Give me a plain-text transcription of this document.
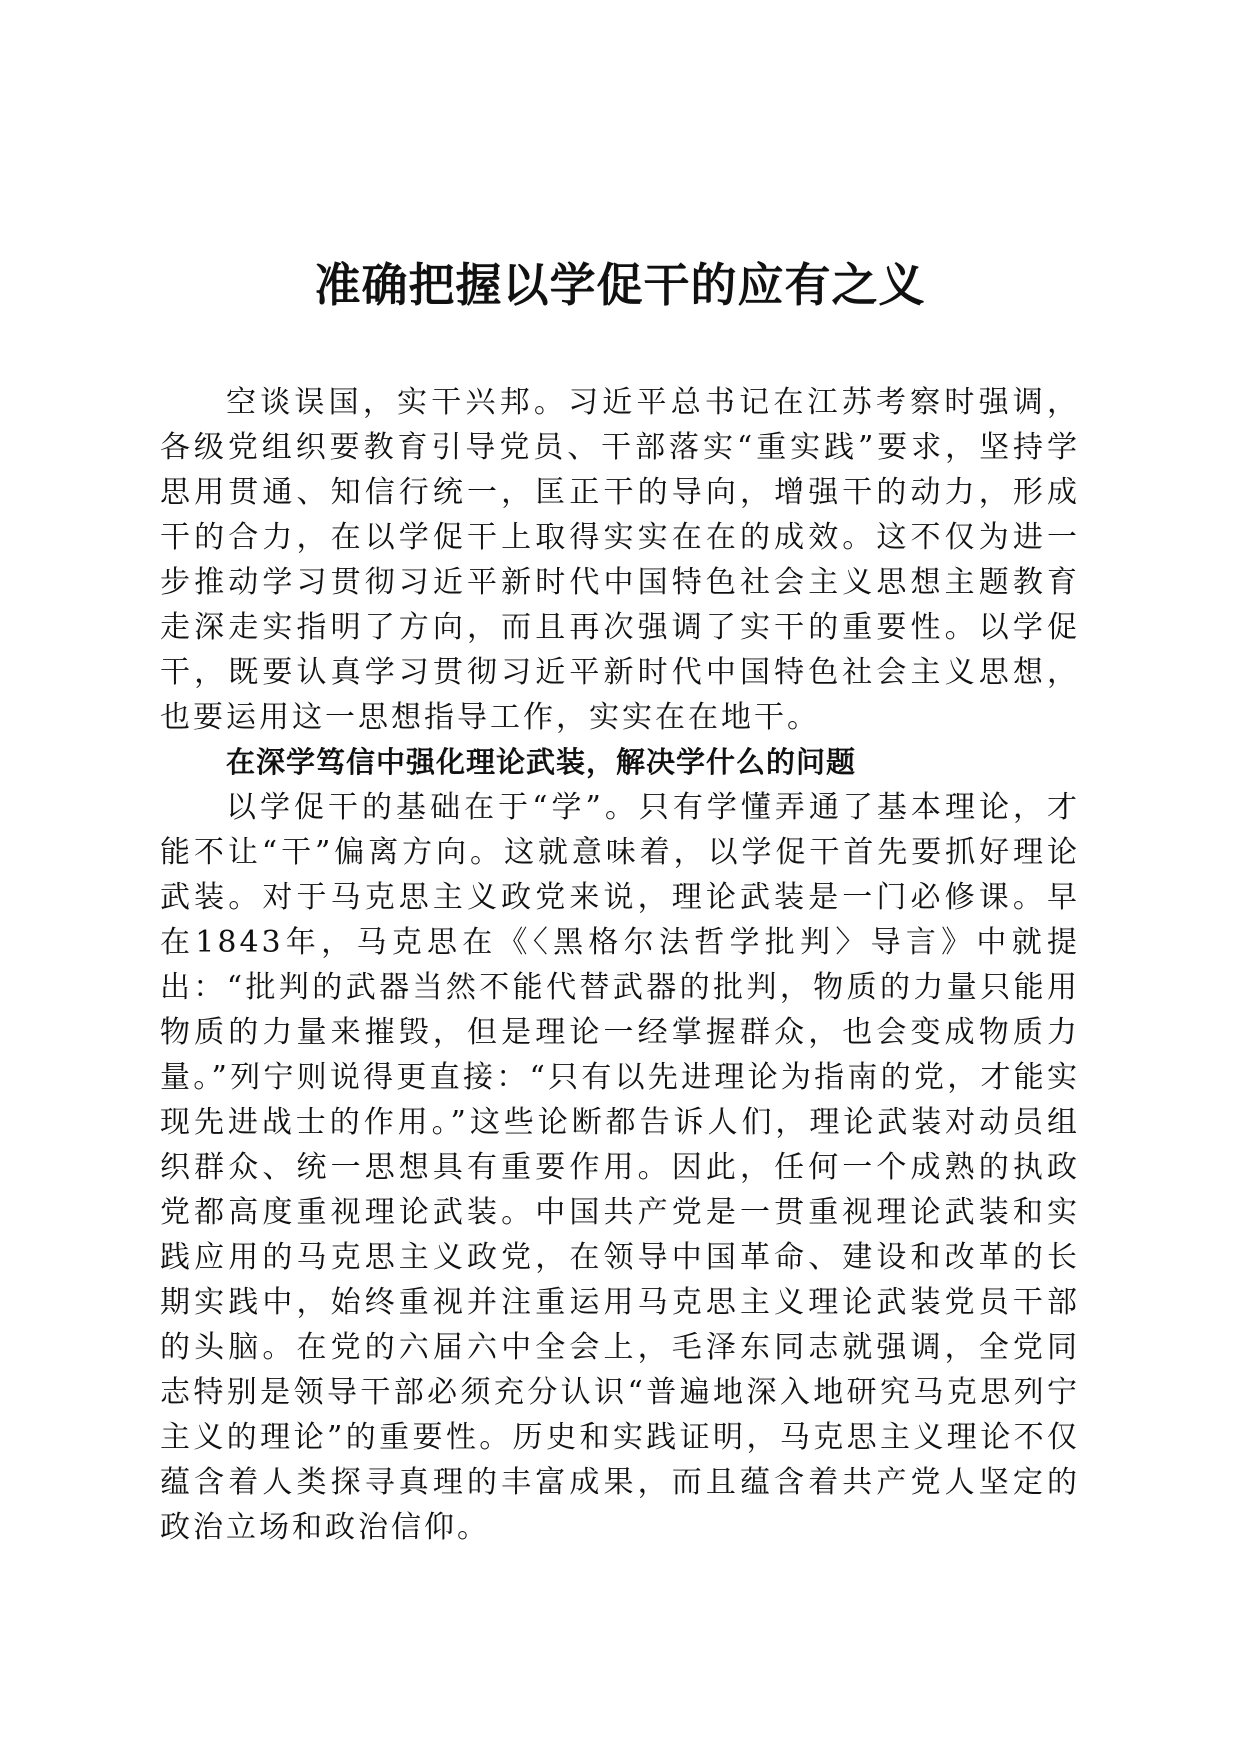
准确把握以学促干的应有之义

空谈误国，实干兴邦。习近平总书记在江苏考察时强调，各级党组织要教育引导党员、干部落实“重实践”要求，坚持学思用贯通、知信行统一，匡正干的导向，增强干的动力，形成干的合力，在以学促干上取得实实在在的成效。这不仅为进一步推动学习贯彻习近平新时代中国特色社会主义思想主题教育走深走实指明了方向，而且再次强调了实干的重要性。以学促干，既要认真学习贯彻习近平新时代中国特色社会主义思想，也要运用这一思想指导工作，实实在在地干。

在深学笃信中强化理论武装，解决学什么的问题

以学促干的基础在于“学”。只有学懂弄通了基本理论，才能不让“干”偏离方向。这就意味着，以学促干首先要抓好理论武装。对于马克思主义政党来说，理论武装是一门必修课。早在1843年，马克思在《〈黑格尔法哲学批判〉导言》中就提出：“批判的武器当然不能代替武器的批判，物质的力量只能用物质的力量来摧毁，但是理论一经掌握群众，也会变成物质力量。”列宁则说得更直接：“只有以先进理论为指南的党，才能实现先进战士的作用。”这些论断都告诉人们，理论武装对动员组织群众、统一思想具有重要作用。因此，任何一个成熟的执政党都高度重视理论武装。中国共产党是一贯重视理论武装和实践应用的马克思主义政党，在领导中国革命、建设和改革的长期实践中，始终重视并注重运用马克思主义理论武装党员干部的头脑。在党的六届六中全会上，毛泽东同志就强调，全党同志特别是领导干部必须充分认识“普遍地深入地研究马克思列宁主义的理论”的重要性。历史和实践证明，马克思主义理论不仅蕴含着人类探寻真理的丰富成果，而且蕴含着共产党人坚定的政治立场和政治信仰。
